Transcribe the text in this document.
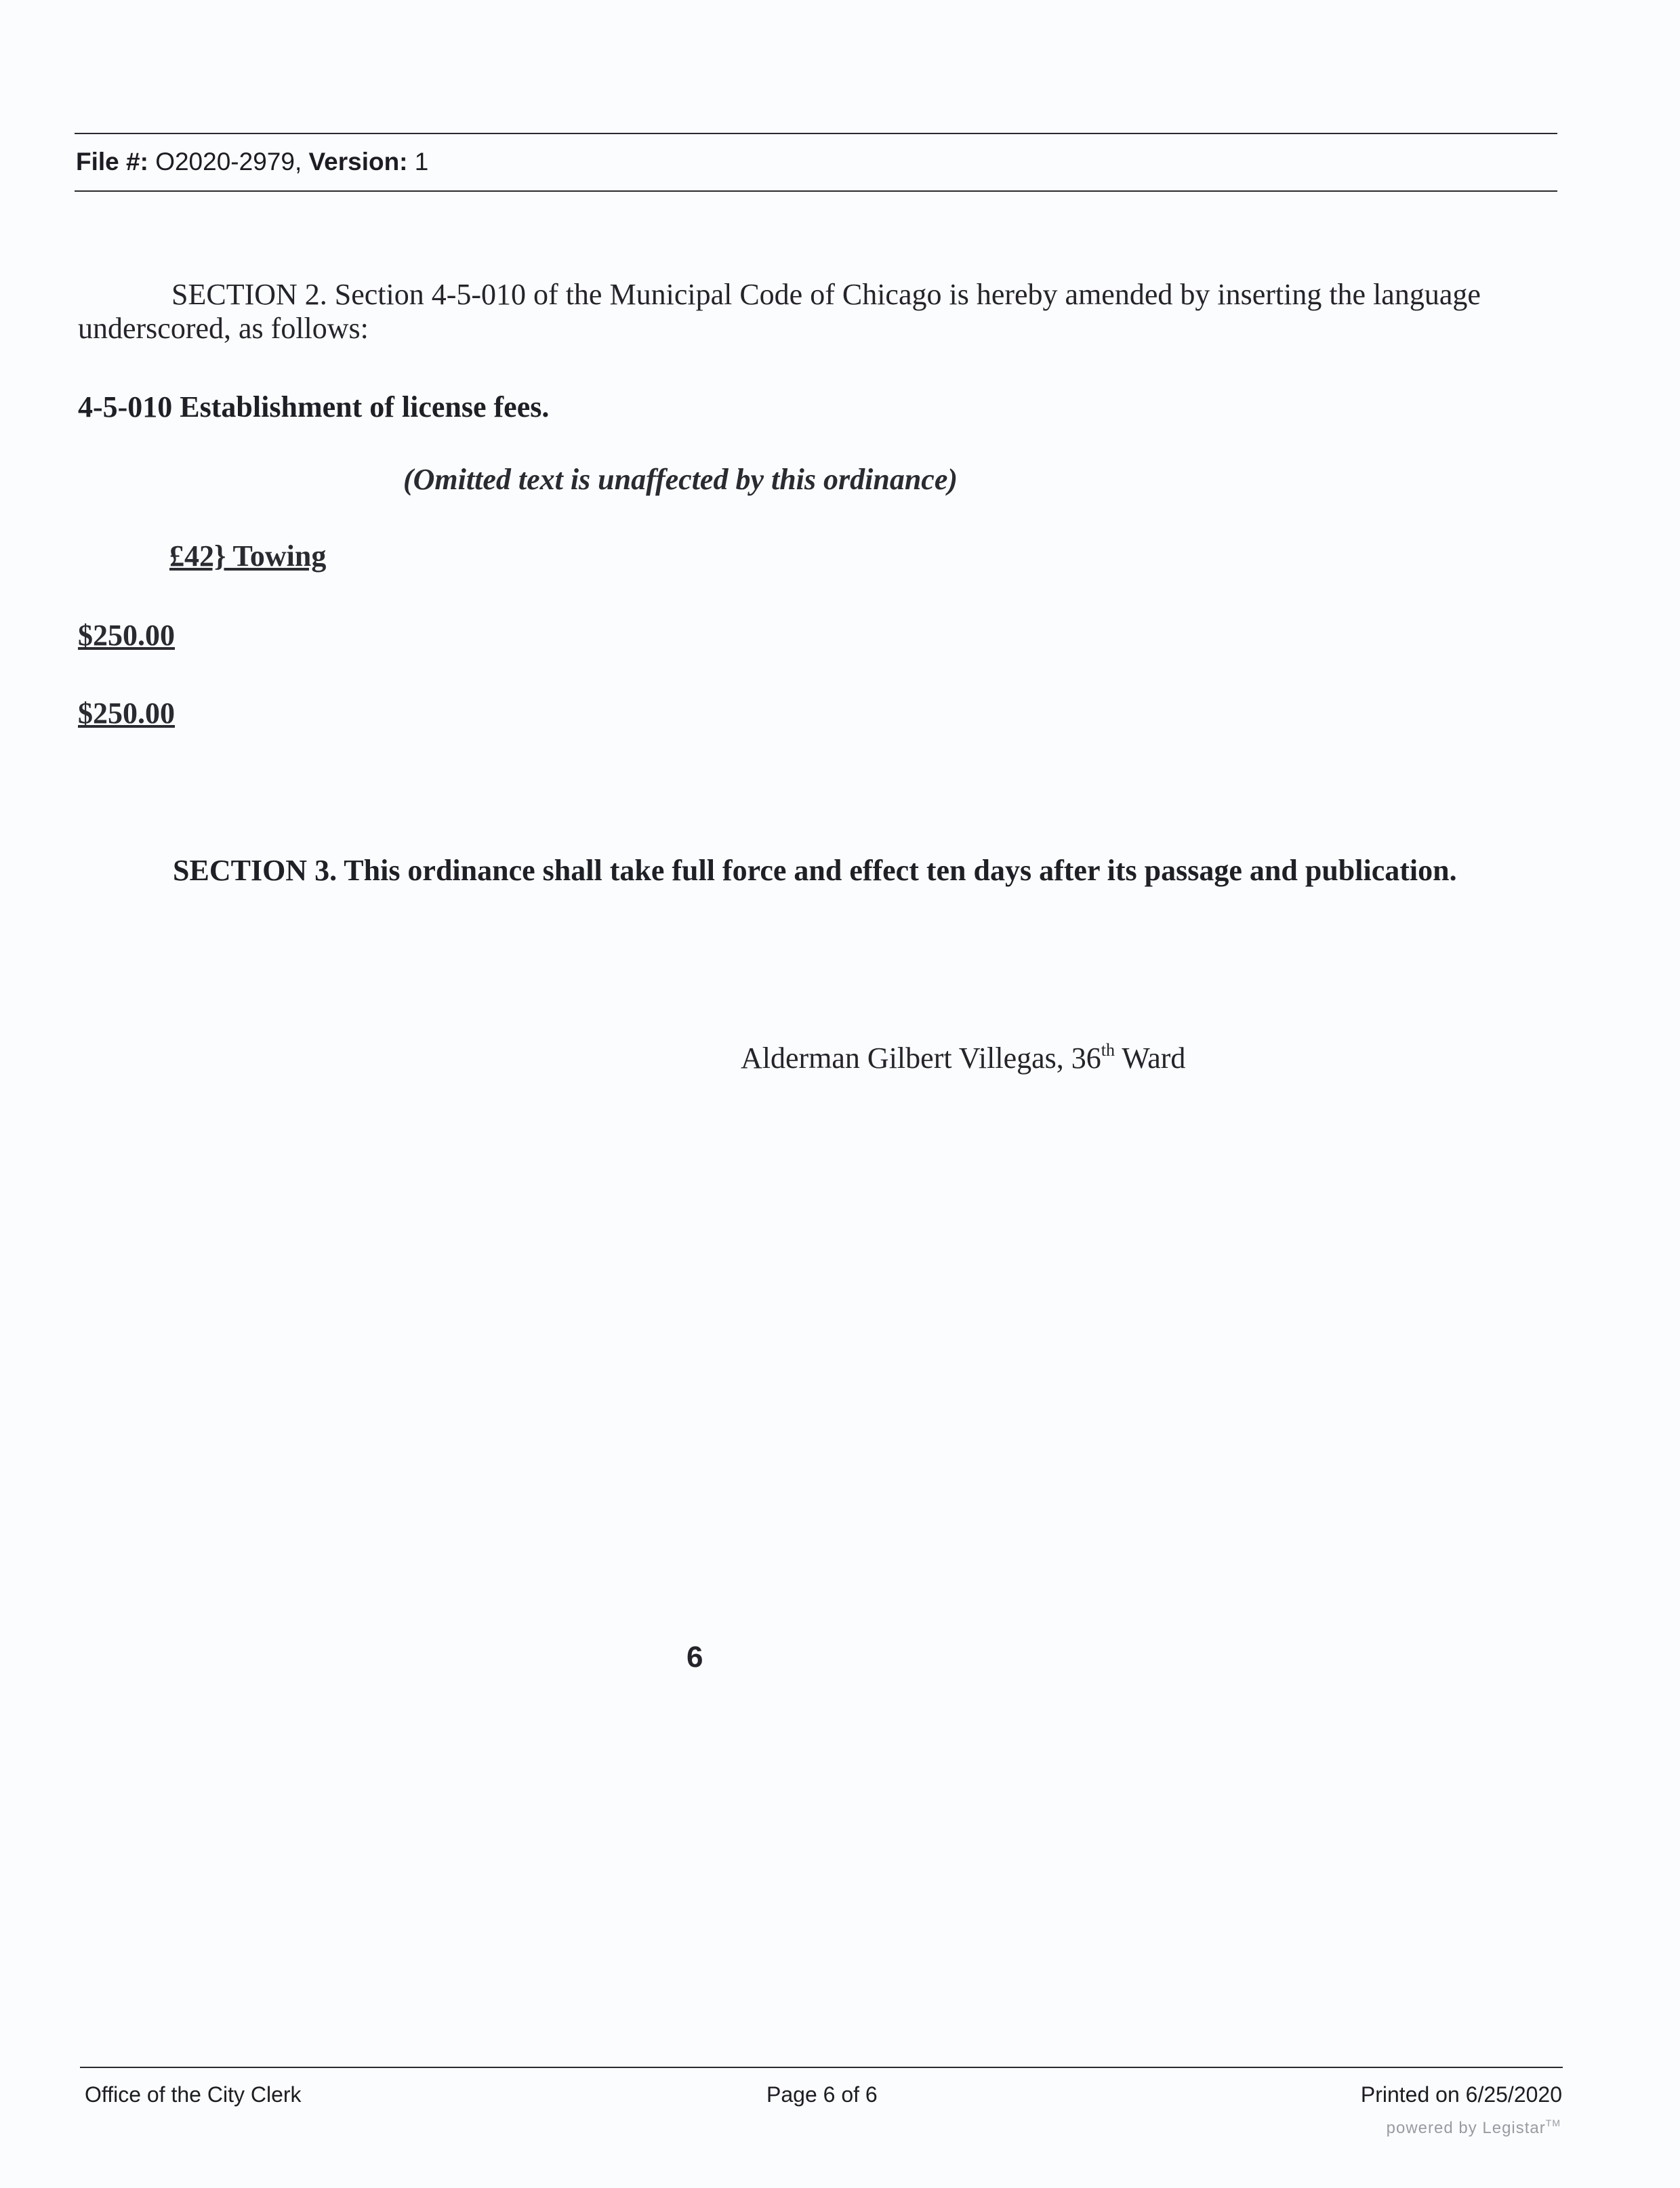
File #: O2020-2979, Version: 1

SECTION 2. Section 4-5-010 of the Municipal Code of Chicago is hereby amended by inserting the language underscored, as follows:

4-5-010 Establishment of license fees.
(Omitted text is unaffected by this ordinance)
£42} Towing
$250.00
$250.00

SECTION 3. This ordinance shall take full force and effect ten days after its passage and publication.

Alderman Gilbert Villegas, 36th Ward
6
Office of the City Clerk	Page 6 of 6	Printed on 6/25/2020
powered by Legistar™
